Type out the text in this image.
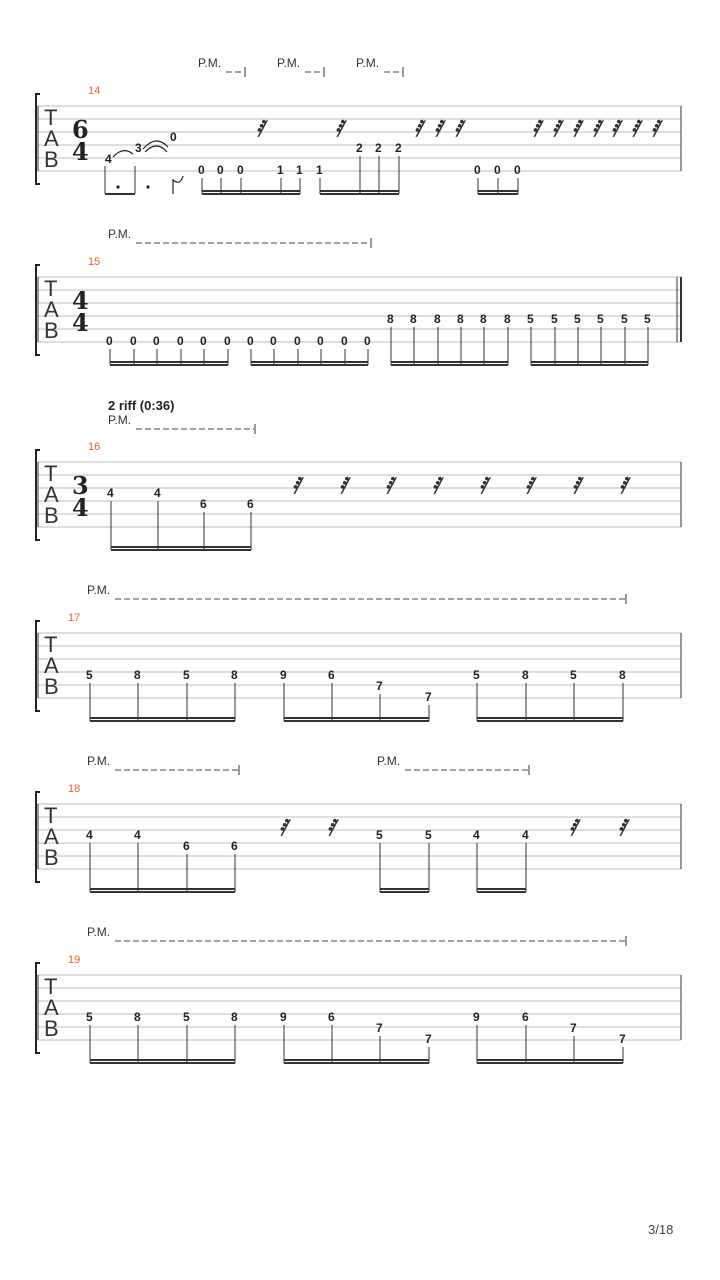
P.M.	P.M.	P.M.
14
T
A
B
6
4 4
3
0
0 0 0	1 1 1
2 2 2
0 0 0
𝅀	𝅀	𝅀 𝅀 𝅀	𝅀 𝅀 𝅀 𝅀 𝅀 𝅀 𝅀
P.M.
15
T
A
B
4
4
0 0 0 0 0 0 0 0 0 0 0 0
8 8 8 8 8 8 5 5 5 5 5 5
2 riff (0:36)
P.M.
16
T
A
B
3
4 4	4
6	6
𝅀 𝅀 𝅀 𝅀 𝅀 𝅀 𝅀 𝅀
P.M.
17
T
A
B 5	8	5	8	9	6
7
7
5	8	5	8
P.M.	P.M.
18
T
A
B
4	4
6	6
5	5	4	4
𝅀 𝅀	𝅀 𝅀
P.M.
19
T
A
B 5	8	5	8	9	6
7
7
9	6
7
7
3/18
